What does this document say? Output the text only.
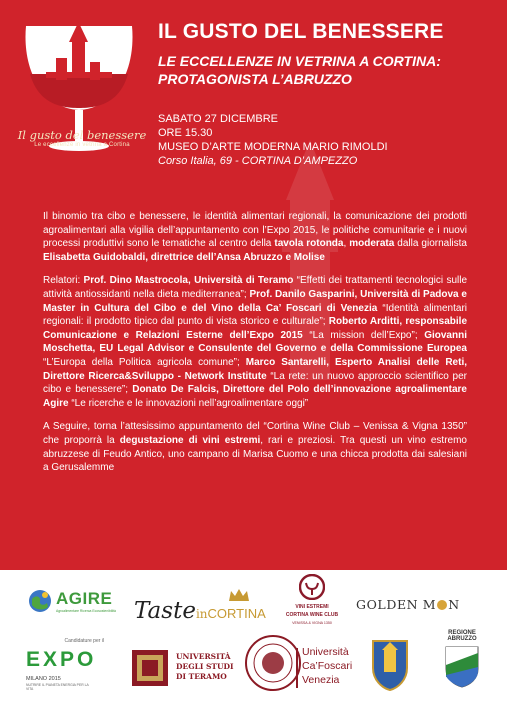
Il gusto del benessere
Le eccellenze in vetrina a Cortina
IL GUSTO DEL BENESSERE
LE ECCELLENZE IN VETRINA A CORTINA:
PROTAGONISTA L’ABRUZZO
SABATO 27 DICEMBRE
ORE 15.30
MUSEO D’ARTE MODERNA MARIO RIMOLDI
Corso Italia, 69 - CORTINA D’AMPEZZO

Il binomio tra cibo e benessere, le identità alimentari regionali, la comunicazione dei prodotti agroalimentari alla vigilia dell’appuntamento con l’Expo 2015, le politiche comunitarie e i nuovi processi produttivi sono le tematiche al centro della tavola rotonda, moderata dalla giornalista Elisabetta Guidobaldi, direttrice dell’Ansa Abruzzo e Molise

Relatori: Prof. Dino Mastrocola, Università di Teramo “Effetti dei trattamenti tecnologici sulle attività antiossidanti nella dieta mediterranea”; Prof. Danilo Gasparini, Università di Padova e Master in Cultura del Cibo e del Vino della Ca’ Foscari di Venezia “Identità alimentari regionali: il prodotto tipico dal punto di vista storico e culturale”; Roberto Arditti, responsabile Comunicazione e Relazioni Esterne dell’Expo 2015 “La mission dell’Expo”; Giovanni Moschetta, EU Legal Advisor e Consulente del Governo e della Commissione Europea “L’Europa della Politica agricola comune”; Marco Santarelli, Esperto Analisi delle Reti, Direttore Ricerca&Sviluppo - Network Institute “La rete: un nuovo approccio scientifico per cibo e benessere”; Donato De Falcis, Direttore del Polo dell’innovazione agroalimentare Agire “Le ricerche e le innovazioni nell’agroalimentare oggi”

A Seguire, torna l’attesissimo appuntamento del “Cortina Wine Club – Venissa & Vigna 1350” che proporrà la degustazione di vini estremi, rari e preziosi. Tra questi un vino estremo abruzzese di Feudo Antico, uno campano di Marisa Cuomo e una chicca prodotta dai salesiani a Gerusalemme

AGIRE
Agroalimentare Ricerca Ecosostenibilità TasteinCORTINA	VINI ESTREMI
CORTINA WINE CLUB
VENISSA & VIGNA 1350
GOLDEN M N
Candidature per il
EXPO
MILANO 2015
NUTRIRE IL PIANETA ENERGIA PER LA VITA
UNIVERSITÀ
DEGLI STUDI
DI TERAMO
Università
Ca’Foscari
Venezia
REGIONE
ABRUZZO
